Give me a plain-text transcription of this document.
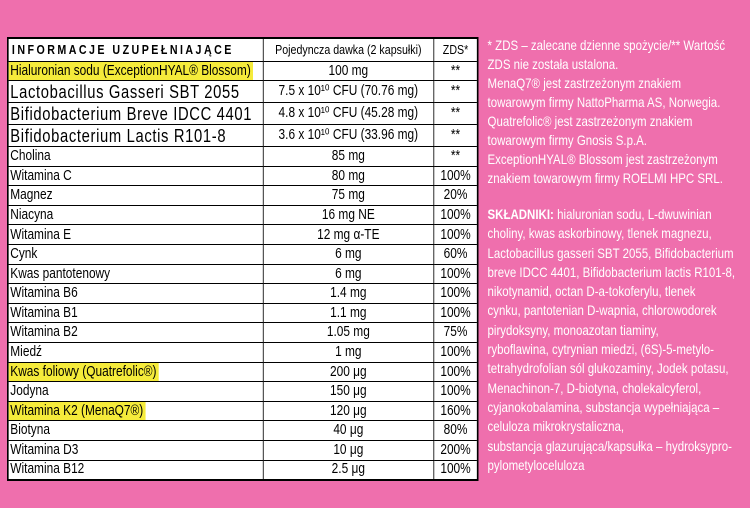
INFORMACJE UZUPEŁNIAJĄCE	Pojedyncza dawka (2 kapsułki)	ZDS*
Hialuronian sodu (ExceptionHYAL® Blossom)	100 mg	**
Lactobacillus Gasseri SBT 2055	7.5 x 10¹⁰ CFU (70.76 mg)	**
Bifidobacterium Breve IDCC 4401	4.8 x 10¹⁰ CFU (45.28 mg)	**
Bifidobacterium Lactis R101-8	3.6 x 10¹⁰ CFU (33.96 mg)	**
Cholina	85 mg	**
Witamina C	80 mg	100%
Magnez	75 mg	20%
Niacyna	16 mg NE	100%
Witamina E	12 mg α-TE	100%
Cynk	6 mg	60%
Kwas pantotenowy	6 mg	100%
Witamina B6	1.4 mg	100%
Witamina B1	1.1 mg	100%
Witamina B2	1.05 mg	75%
Miedź	1 mg	100%
Kwas foliowy (Quatrefolic®)	200 μg	100%
Jodyna	150 μg	100%
Witamina K2 (MenaQ7®)	120 μg	160%
Biotyna	40 μg	80%
Witamina D3	10 μg	200%
Witamina B12	2.5 μg	100%
* ZDS – zalecane dzienne spożycie/** Wartość
ZDS nie została ustalona.
MenaQ7® jest zastrzeżonym znakiem
towarowym firmy NattoPharma AS, Norwegia.
Quatrefolic® jest zastrzeżonym znakiem
towarowym firmy Gnosis S.p.A.
ExceptionHYAL® Blossom jest zastrzeżonym
znakiem towarowym firmy ROELMI HPC SRL.
SKŁADNIKI: hialuronian sodu, L-dwuwinian
choliny, kwas askorbinowy, tlenek magnezu,
Lactobacillus gasseri SBT 2055, Bifidobacterium
breve IDCC 4401, Bifidobacterium lactis R101-8,
nikotynamid, octan D-a-tokoferylu, tlenek
cynku, pantotenian D-wapnia, chlorowodorek
pirydoksyny, monoazotan tiaminy,
ryboflawina, cytrynian miedzi, (6S)-5-metylo-
tetrahydrofolian sól glukozaminy, Jodek potasu,
Menachinon-7, D-biotyna, cholekalcyferol,
cyjanokobalamina, substancja wypełniająca –
celuloza mikrokrystaliczna,
substancja glazurująca/kapsułka – hydroksypro-
pylometyloceluloza
